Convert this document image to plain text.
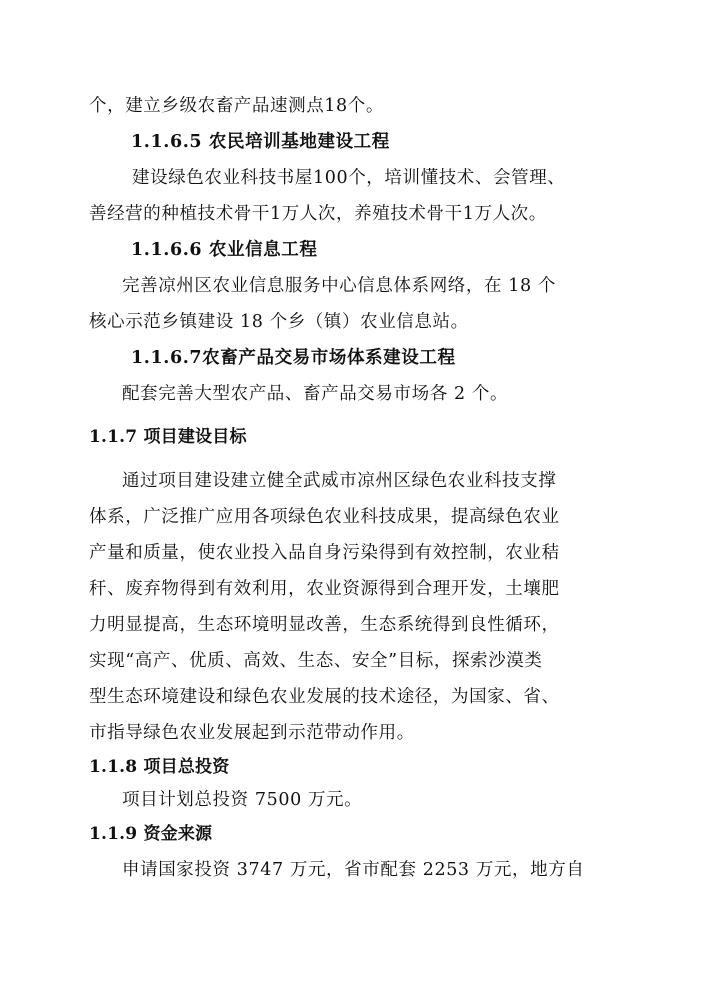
个，建立乡级农畜产品速测点18个。
1.1.6.5 农民培训基地建设工程
建设绿色农业科技书屋100个，培训懂技术、会管理、
善经营的种植技术骨干1万人次，养殖技术骨干1万人次。
1.1.6.6 农业信息工程
完善凉州区农业信息服务中心信息体系网络，在 18 个
核心示范乡镇建设 18 个乡（镇）农业信息站。
1.1.6.7农畜产品交易市场体系建设工程
配套完善大型农产品、畜产品交易市场各 2 个。
1.1.7 项目建设目标
通过项目建设建立健全武威市凉州区绿色农业科技支撑
体系，广泛推广应用各项绿色农业科技成果，提高绿色农业
产量和质量，使农业投入品自身污染得到有效控制，农业秸
秆、废弃物得到有效利用，农业资源得到合理开发，土壤肥
力明显提高，生态环境明显改善，生态系统得到良性循环，
实现“高产、优质、高效、生态、安全”目标，探索沙漠类
型生态环境建设和绿色农业发展的技术途径，为国家、省、
市指导绿色农业发展起到示范带动作用。
1.1.8 项目总投资
项目计划总投资 7500 万元。
1.1.9 资金来源
申请国家投资 3747 万元，省市配套 2253 万元，地方自
